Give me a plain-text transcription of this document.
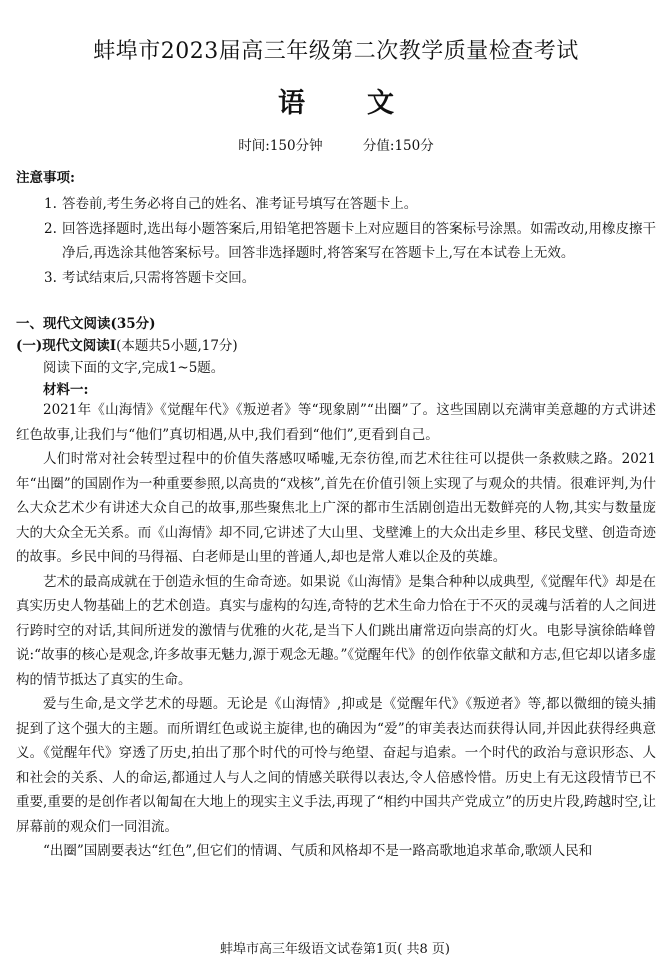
蚌埠市2023届高三年级第二次教学质量检查考试
语文
时间:150分钟	分值:150分
注意事项:
1. 答卷前,考生务必将自己的姓名、准考证号填写在答题卡上。
2. 回答选择题时,选出每小题答案后,用铅笔把答题卡上对应题目的答案标号涂黑。如需改动,用橡皮擦干净后,再选涂其他答案标号。回答非选择题时,将答案写在答题卡上,写在本试卷上无效。
3. 考试结束后,只需将答题卡交回。
一、现代文阅读(35分)
(一)现代文阅读Ⅰ(本题共5小题,17分)
阅读下面的文字,完成1~5题。
材料一:

2021年《山海情》《觉醒年代》《叛逆者》等“现象剧”“出圈”了。这些国剧以充满审美意趣的方式讲述红色故事,让我们与“他们”真切相遇,从中,我们看到“他们”,更看到自己。

人们时常对社会转型过程中的价值失落感叹唏嘘,无奈彷徨,而艺术往往可以提供一条救赎之路。2021年“出圈”的国剧作为一种重要参照,以高贵的“戏核”,首先在价值引领上实现了与观众的共情。很难评判,为什么大众艺术少有讲述大众自己的故事,那些聚焦北上广深的都市生活剧创造出无数鲜亮的人物,其实与数量庞大的大众全无关系。而《山海情》却不同,它讲述了大山里、戈壁滩上的大众出走乡里、移民戈壁、创造奇迹的故事。乡民中间的马得福、白老师是山里的普通人,却也是常人难以企及的英雄。

艺术的最高成就在于创造永恒的生命奇迹。如果说《山海情》是集合种种以成典型,《觉醒年代》却是在真实历史人物基础上的艺术创造。真实与虚构的勾连,奇特的艺术生命力恰在于不灭的灵魂与活着的人之间进行跨时空的对话,其间所迸发的激情与优雅的火花,是当下人们跳出庸常迈向崇高的灯火。电影导演徐皓峰曾说:“故事的核心是观念,许多故事无魅力,源于观念无趣。”《觉醒年代》的创作依靠文献和方志,但它却以诸多虚构的情节抵达了真实的生命。

爱与生命,是文学艺术的母题。无论是《山海情》,抑或是《觉醒年代》《叛逆者》等,都以微细的镜头捕捉到了这个强大的主题。而所谓红色或说主旋律,也的确因为“爱”的审美表达而获得认同,并因此获得经典意义。《觉醒年代》穿透了历史,拍出了那个时代的可怜与绝望、奋起与追索。一个时代的政治与意识形态、人和社会的关系、人的命运,都通过人与人之间的情感关联得以表达,令人倍感怜惜。历史上有无这段情节已不重要,重要的是创作者以匍匐在大地上的现实主义手法,再现了“相约中国共产党成立”的历史片段,跨越时空,让屏幕前的观众们一同泪流。

“出圈”国剧要表达“红色”,但它们的情调、气质和风格却不是一路高歌地追求革命,歌颂人民和

蚌埠市高三年级语文试卷第1页( 共8 页)
